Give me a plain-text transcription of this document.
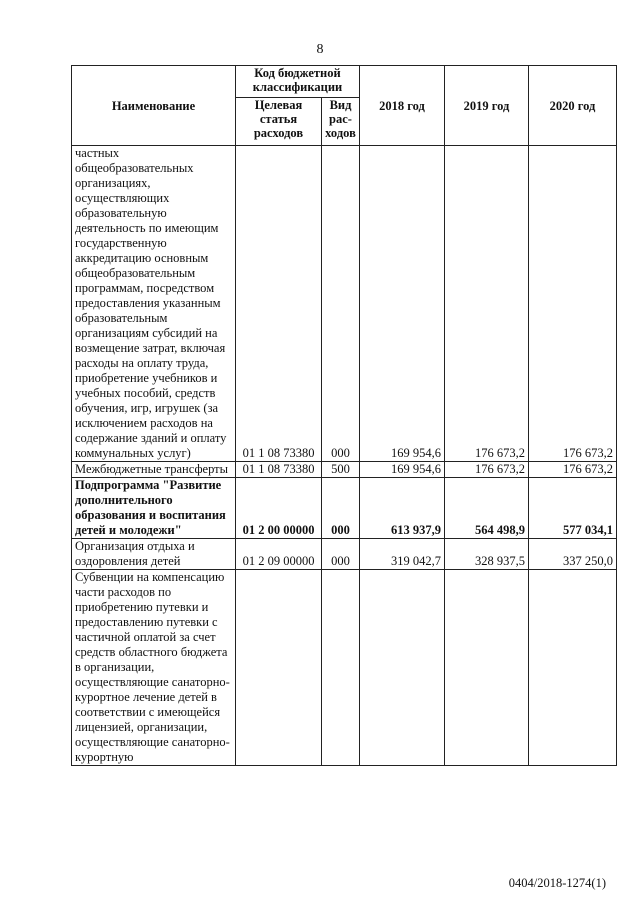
8
Наименование	Код бюджетной классификации		2018 год	2019 год	2020 год
	Целевая статья расходов	Вид рас-ходов			
частных общеобразовательных организациях, осуществляющих образовательную деятельность по имеющим государственную аккредитацию основным общеобразовательным программам, посредством предоставления указанным образовательным организациям субсидий на возмещение затрат, включая расходы на оплату труда, приобретение учебников и учебных пособий, средств обучения, игр, игрушек (за исключением расходов на содержание зданий и оплату коммунальных услуг)	01 1 08 73380	000	169 954,6	176 673,2	176 673,2
Межбюджетные трансферты	01 1 08 73380	500	169 954,6	176 673,2	176 673,2
Подпрограмма "Развитие дополнительного образования и воспитания детей и молодежи"	01 2 00 00000	000	613 937,9	564 498,9	577 034,1
Организация отдыха и оздоровления детей	01 2 09 00000	000	319 042,7	328 937,5	337 250,0
Субвенции на компенсацию части расходов по приобретению путевки и предоставлению путевки с частичной оплатой за счет средств областного бюджета в организации, осуществляющие санаторно-курортное лечение детей в соответствии с имеющейся лицензией, организации, осуществляющие санаторно-курортную					
0404/2018-1274(1)
